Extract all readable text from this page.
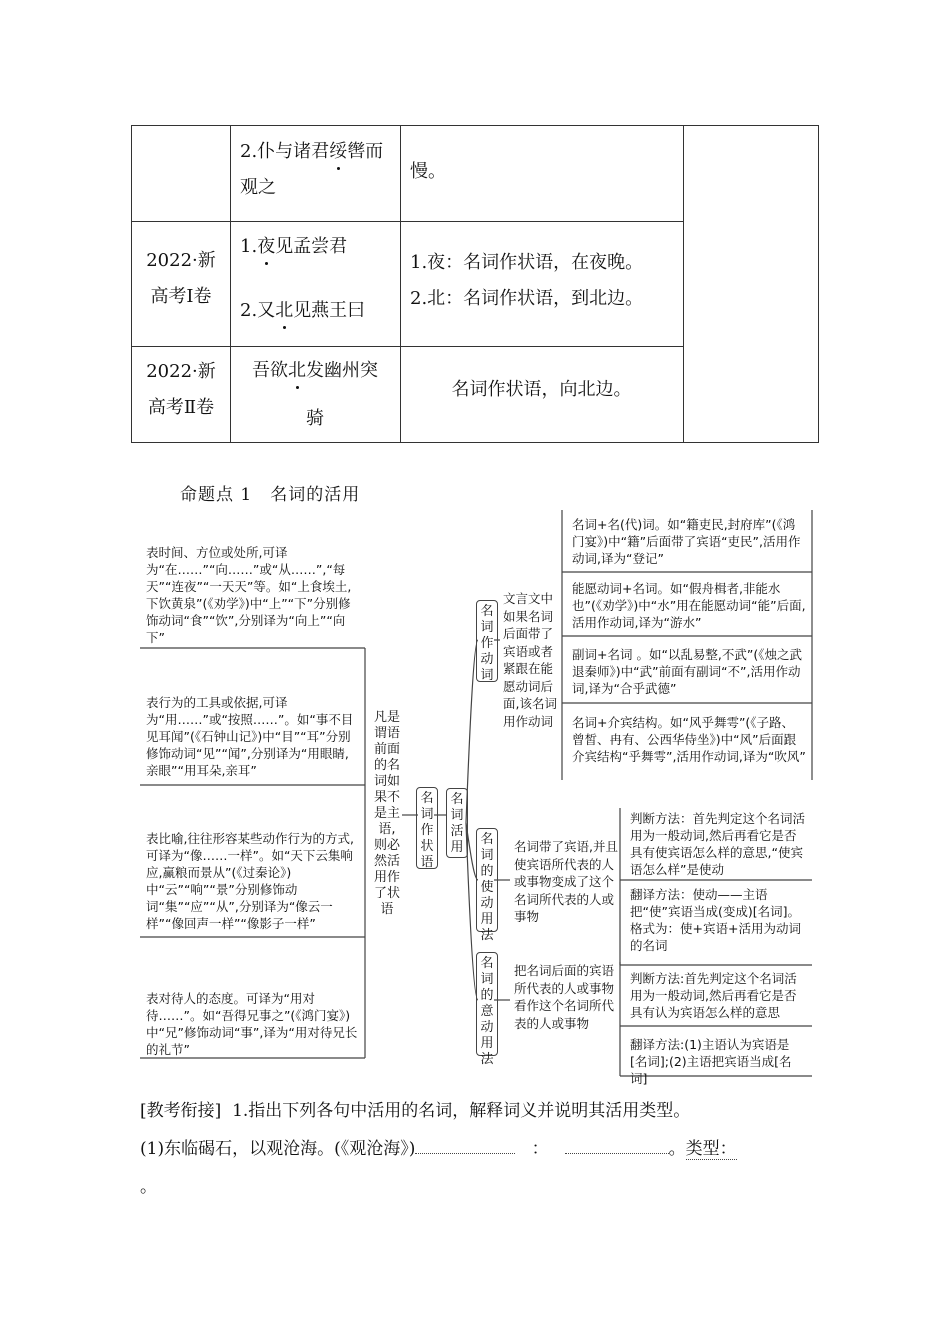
2.仆与诸君绥辔而观之
慢。
2022·新
高考Ⅰ卷
1.夜见孟尝君
2.又北见燕王曰
1.夜：名词作状语，在夜晚。
2.北：名词作状语，到北边。
2022·新
高考Ⅱ卷
吾欲北发幽州突
骑
名词作状语，向北边。
命题点 1　名词的活用
名词活用
名词作状语
凡是谓语前面的名词如果不是主语,则必然活用作了状语
表时间、方位或处所,可译为“在……”“向……”或“从……”,“每天”“连夜”“一天天”等。如“上食埃土,下饮黄泉”(《劝学》)中“上”“下”分别修饰动词“食”“饮”,分别译为“向上”“向下”
表行为的工具或依据,可译为“用……”或“按照……”。如“事不目见耳闻”(《石钟山记》)中“目”“耳”分别修饰动词“见”“闻”,分别译为“用眼睛,亲眼”“用耳朵,亲耳”
表比喻,往往形容某些动作行为的方式,可译为“像……一样”。如“天下云集响应,赢粮而景从”(《过秦论》)中“云”“响”“景”分别修饰动词“集”“应”“从”,分别译为“像云一样”“像回声一样”“像影子一样”
表对待人的态度。可译为“用对待……”。如“吾得兄事之”(《鸿门宴》)中“兄”修饰动词“事”,译为“用对待兄长的礼节”
名词作动词
文言文中如果名词后面带了宾语或者紧跟在能愿动词后面,该名词用作动词
名词+名(代)词。如“籍吏民,封府库”(《鸿门宴》)中“籍”后面带了宾语“吏民”,活用作动词,译为“登记”
能愿动词+名词。如“假舟楫者,非能水也”(《劝学》)中“水”用在能愿动词“能”后面,活用作动词,译为“游水”
副词+名词 。如“以乱易整,不武”(《烛之武退秦师》)中“武”前面有副词“不”,活用作动词,译为“合乎武德”
名词+介宾结构。如“风乎舞雩”(《子路、曾皙、冉有、公西华侍坐》)中“风”后面跟介宾结构“乎舞雩”,活用作动词,译为“吹风”
名词的使动用法
名词带了宾语,并且使宾语所代表的人或事物变成了这个名词所代表的人或事物
判断方法：首先判定这个名词活用为一般动词,然后再看它是否具有使宾语怎么样的意思,“使宾语怎么样”是使动
翻译方法：使动——主语把“使”宾语当成(变成)[名词]。格式为：使+宾语+活用为动词的名词
名词的意动用法
把名词后面的宾语所代表的人或事物看作这个名词所代表的人或事物
判断方法:首先判定这个名词活用为一般动词,然后再看它是否具有认为宾语怎么样的意思
翻译方法:(1)主语认为宾语是[名词];(2)主语把宾语当成[名词]
[教考衔接] 1.指出下列各句中活用的名词，解释词义并说明其活用类型。
(1)东临碣石，以观沧海。(《观沧海》)	：	。类型：
。
